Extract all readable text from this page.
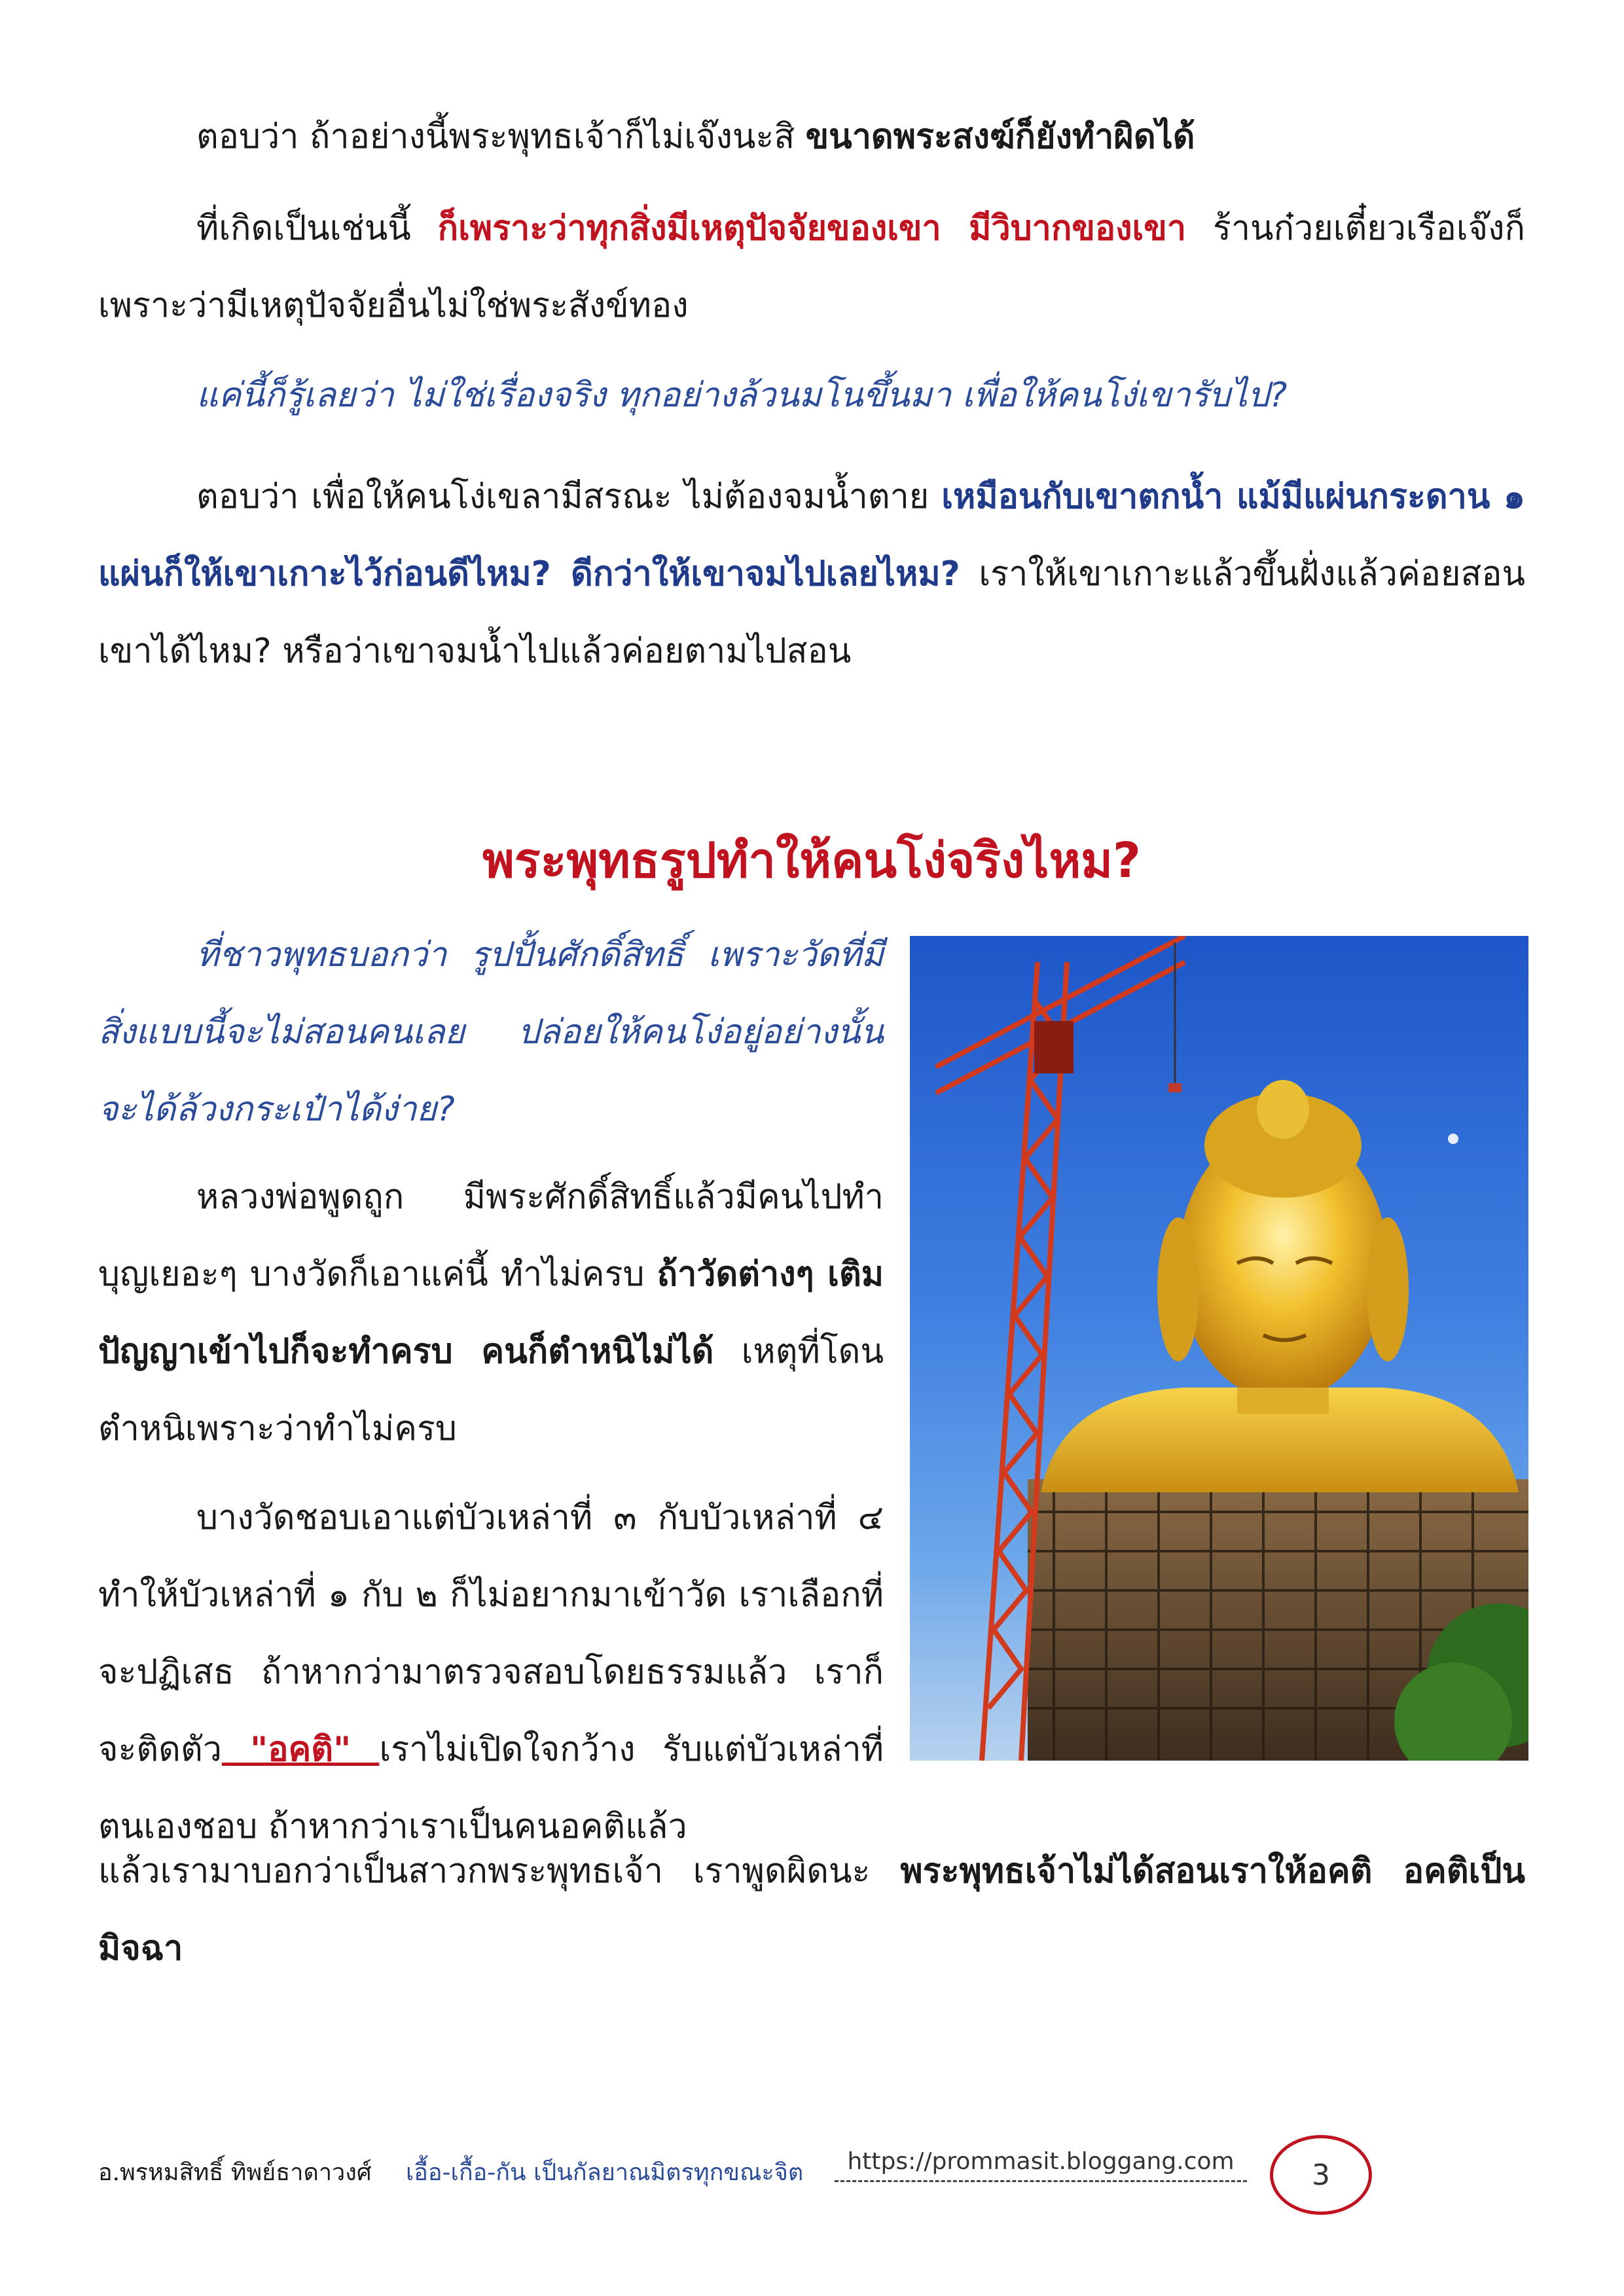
ตอบว่า ถ้าอย่างนี้พระพุทธเจ้าก็ไม่เจ๊งนะสิ ขนาดพระสงฆ์ก็ยังทำผิดได้

ที่เกิดเป็นเช่นนี้ ก็เพราะว่าทุกสิ่งมีเหตุปัจจัยของเขา มีวิบากของเขา ร้านก๋วยเตี๋ยวเรือเจ๊งก็เพราะว่ามีเหตุปัจจัยอื่นไม่ใช่พระสังข์ทอง

แค่นี้ก็รู้เลยว่า ไม่ใช่เรื่องจริง ทุกอย่างล้วนมโนขึ้นมา เพื่อให้คนโง่เขารับไป?

ตอบว่า เพื่อให้คนโง่เขลามีสรณะ ไม่ต้องจมน้ำตาย เหมือนกับเขาตกน้ำ แม้มีแผ่นกระดาน ๑ แผ่นก็ให้เขาเกาะไว้ก่อนดีไหม? ดีกว่าให้เขาจมไปเลยไหม? เราให้เขาเกาะแล้วขึ้นฝั่งแล้วค่อยสอนเขาได้ไหม? หรือว่าเขาจมน้ำไปแล้วค่อยตามไปสอน

พระพุทธรูปทำให้คนโง่จริงไหม?

ที่ชาวพุทธบอกว่า รูปปั้นศักดิ์สิทธิ์ เพราะวัดที่มีสิ่งแบบนี้จะไม่สอนคนเลย ปล่อยให้คนโง่อยู่อย่างนั้น จะได้ล้วงกระเป๋าได้ง่าย?

หลวงพ่อพูดถูก มีพระศักดิ์สิทธิ์แล้วมีคนไปทำบุญเยอะๆ บางวัดก็เอาแค่นี้ ทำไม่ครบ ถ้าวัดต่างๆ เติมปัญญาเข้าไปก็จะทำครบ คนก็ตำหนิไม่ได้ เหตุที่โดนตำหนิเพราะว่าทำไม่ครบ

บางวัดชอบเอาแต่บัวเหล่าที่ ๓ กับบัวเหล่าที่ ๔ ทำให้บัวเหล่าที่ ๑ กับ ๒ ก็ไม่อยากมาเข้าวัด เราเลือกที่จะปฏิเสธ ถ้าหากว่ามาตรวจสอบโดยธรรมแล้ว เราก็จะติดตัว "อคติ" เราไม่เปิดใจกว้าง รับแต่บัวเหล่าที่ตนเองชอบ ถ้าหากว่าเราเป็นคนอคติแล้ว

แล้วเรามาบอกว่าเป็นสาวกพระพุทธเจ้า เราพูดผิดนะ พระพุทธเจ้าไม่ได้สอนเราให้อคติ อคติเป็นมิจฉา

อ.พรหมสิทธิ์ ทิพย์ธาดาวงศ์ เอื้อ-เกื้อ-กัน เป็นกัลยาณมิตรทุกขณะจิต	https://prommasit.bloggang.com	3
